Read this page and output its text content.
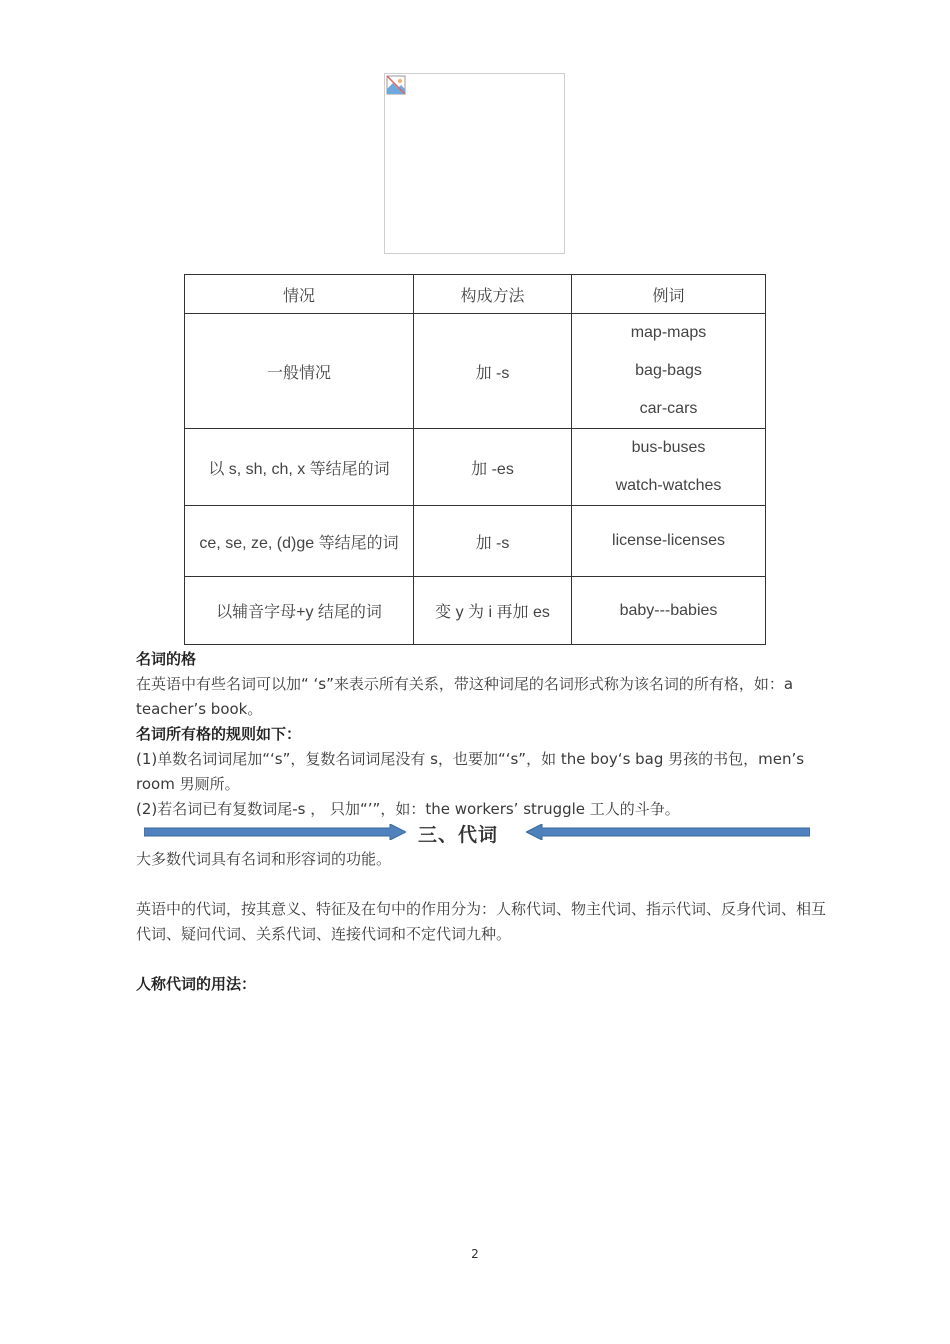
情况	构成方法	例词
一般情况	加 -s	map-maps
bag-bags
car-cars

以 s, sh, ch, x 等结尾的词	加 -es	bus-buses
watch-watches

ce, se, ze, (d)ge 等结尾的词	加 -s	license-licenses
以辅音字母+y 结尾的词	变 y 为 i 再加 es	baby---babies
名词的格
在英语中有些名词可以加“ ‘s”来表示所有关系，带这种词尾的名词形式称为该名词的所有格，如：a teacher’s book。
名词所有格的规则如下：
(1)单数名词词尾加“‘s”，复数名词词尾没有 s，也要加“‘s”，如 the boy‘s bag 男孩的书包，men’s room 男厕所。
(2)若名词已有复数词尾-s ， 只加“’”，如：the workers’ struggle 工人的斗争。
三、代词
大多数代词具有名词和形容词的功能。
英语中的代词，按其意义、特征及在句中的作用分为：人称代词、物主代词、指示代词、反身代词、相互代词、疑问代词、关系代词、连接代词和不定代词九种。
人称代词的用法：
2
